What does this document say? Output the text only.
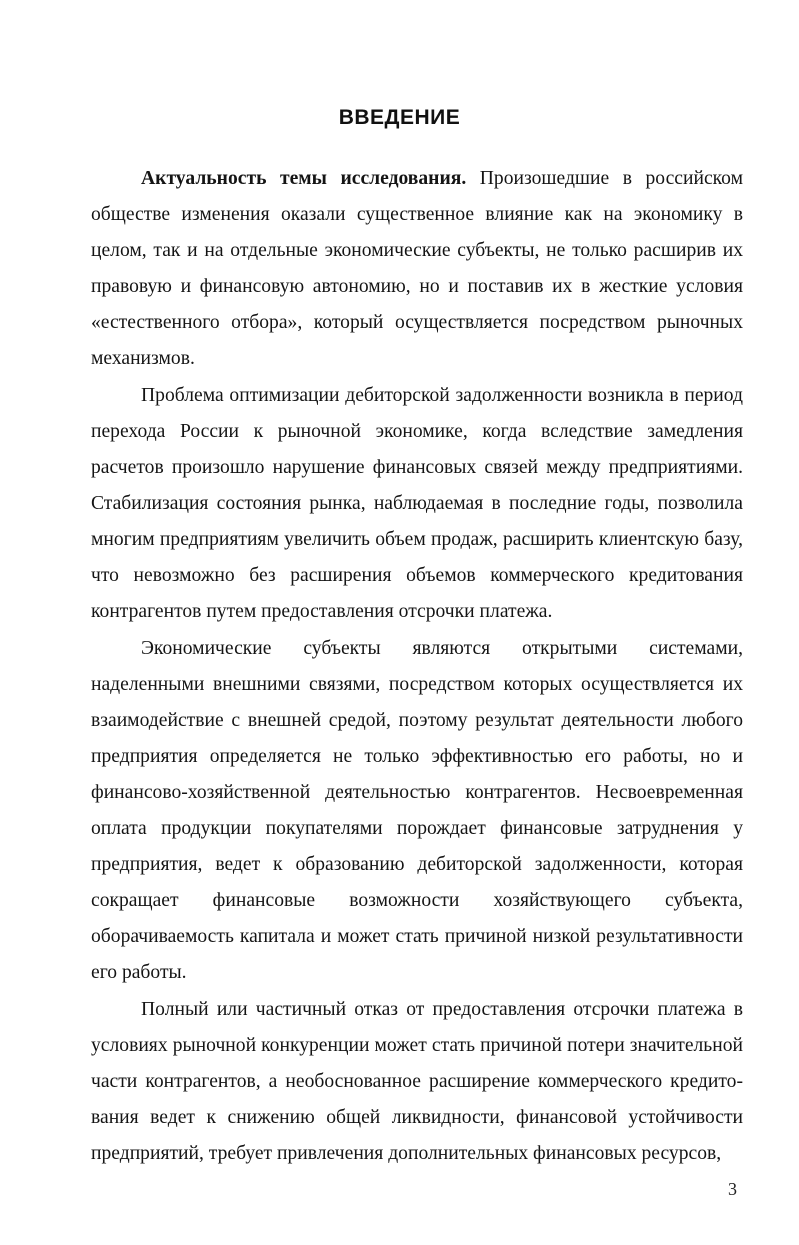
ВВЕДЕНИЕ

Актуальность темы исследования. Произошедшие в российском обществе изменения оказали существенное влияние как на экономику в целом, так и на отдельные экономические субъекты, не только расширив их правовую и финансовую автономию, но и поставив их в жесткие условия «естественного отбора», который осуществляется посредством рыночных механизмов.

Проблема оптимизации дебиторской задолженности возникла в период перехода России к рыночной экономике, когда вследствие замедления расчетов произошло нарушение финансовых связей между предприятиями. Стабилизация состояния рынка, наблюдаемая в последние годы, позволила многим предприятиям увеличить объем продаж, расширить клиентскую базу, что невозможно без расширения объемов коммерческого кредитования контрагентов путем предоставления отсрочки платежа.

Экономические субъекты являются открытыми системами, наделенными внешними связями, посредством которых осуществляется их взаимодействие с внешней средой, поэтому результат деятельности любого предприятия определяется не только эффективностью его работы, но и финансово-хозяйственной деятельностью контрагентов. Несвоевременная оплата продукции покупателями порождает финансовые затруднения у предприятия, ведет к образованию дебиторской задолженности, которая сокращает финансовые возможности хозяйствующего субъекта, оборачиваемость капитала и может стать причиной низкой результативности его работы.

Полный или частичный отказ от предоставления отсрочки платежа в условиях рыночной конкуренции может стать причиной потери значительной части контрагентов, а необоснованное расширение коммерческого кредито-вания ведет к снижению общей ликвидности, финансовой устойчивости предприятий, требует привлечения дополнительных финансовых ресурсов,

3
